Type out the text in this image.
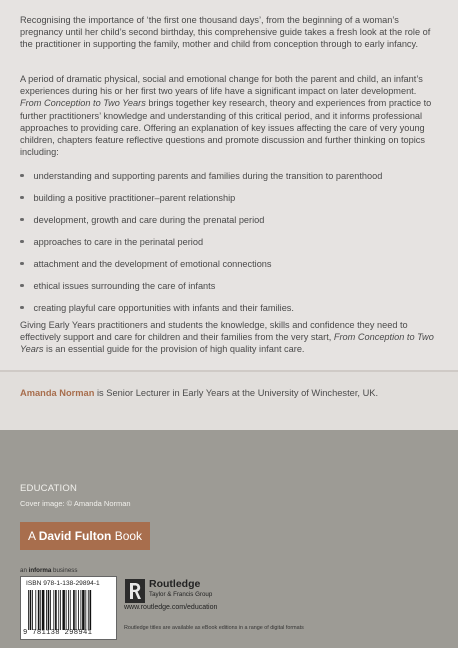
Recognising the importance of ‘the first one thousand days’, from the beginning of a woman’s pregnancy until her child’s second birthday, this comprehensive guide takes a fresh look at the role of the practitioner in supporting the family, mother and child from conception through to early infancy.

A period of dramatic physical, social and emotional change for both the parent and child, an infant’s experiences during his or her first two years of life have a significant impact on later development. From Conception to Two Years brings together key research, theory and experiences from practice to further practitioners’ knowledge and understanding of this critical period, and it informs professional approaches to providing care. Offering an explanation of key issues affecting the care of very young children, chapters feature reflective questions and promote discussion and further thinking on topics including:

understanding and supporting parents and families during the transition to parenthood
building a positive practitioner–parent relationship
development, growth and care during the prenatal period
approaches to care in the perinatal period
attachment and the development of emotional connections
ethical issues surrounding the care of infants
creating playful care opportunities with infants and their families.

Giving Early Years practitioners and students the knowledge, skills and confidence they need to effectively support and care for children and their families from the very start, From Conception to Two Years is an essential guide for the provision of high quality infant care.

Amanda Norman is Senior Lecturer in Early Years at the University of Winchester, UK.
EDUCATION
Cover image: © Amanda Norman
A David Fulton Book
an informa business
ISBN 978-1-138-29894-1
9 781138 298941
Routledge
Taylor & Francis Group
www.routledge.com/education
Routledge titles are available as eBook editions in a range of digital formats
